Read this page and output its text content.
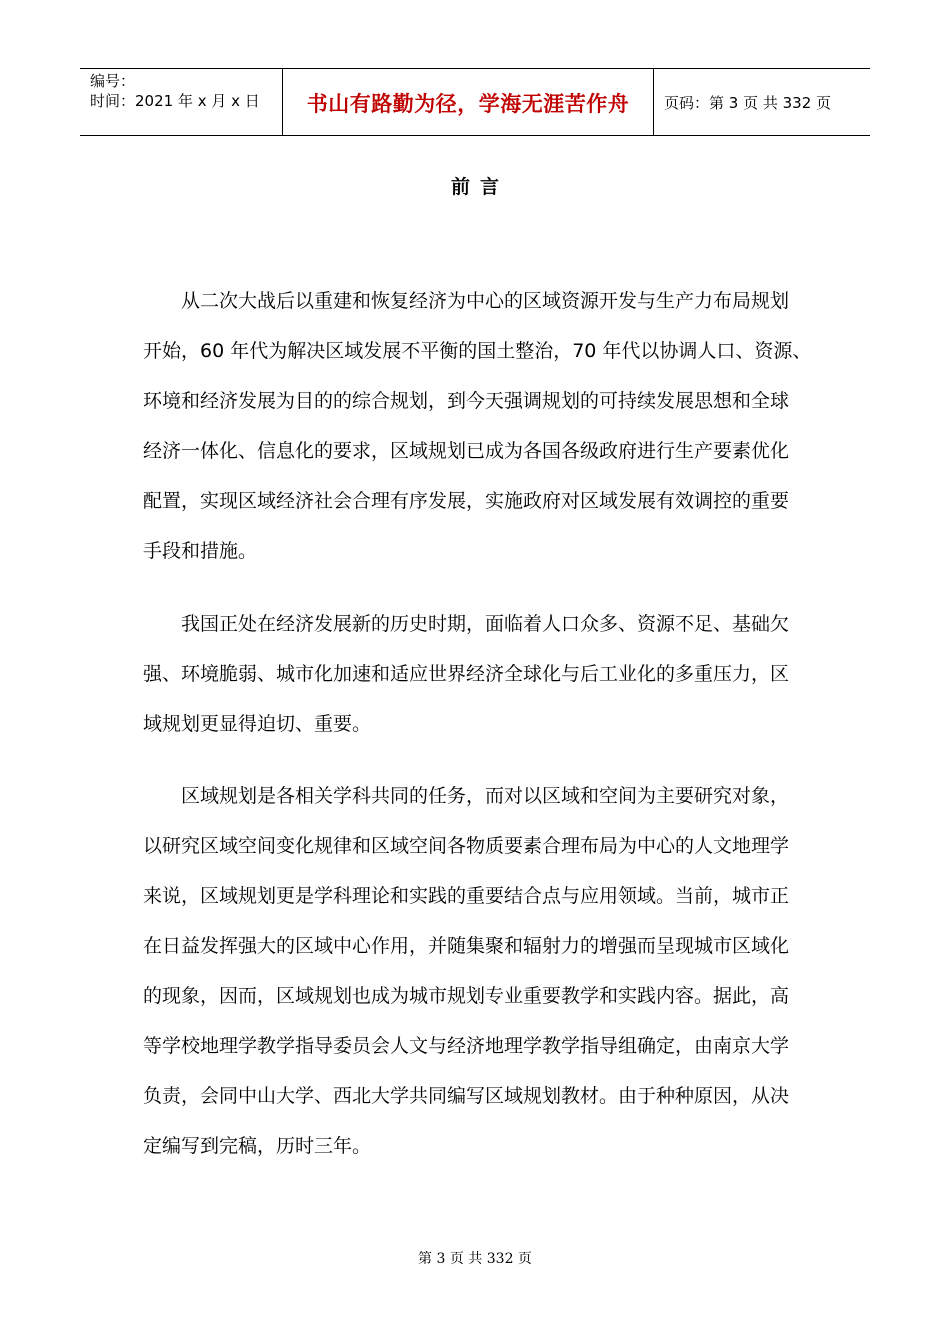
编号：
时间：2021 年 x 月 x 日	书山有路勤为径，学海无涯苦作舟	页码：第 3 页 共 332 页
前言
从二次大战后以重建和恢复经济为中心的区域资源开发与生产力布局规划
开始，60 年代为解决区域发展不平衡的国土整治，70 年代以协调人口、资源、
环境和经济发展为目的的综合规划，到今天强调规划的可持续发展思想和全球
经济一体化、信息化的要求，区域规划已成为各国各级政府进行生产要素优化
配置，实现区域经济社会合理有序发展，实施政府对区域发展有效调控的重要
手段和措施。
我国正处在经济发展新的历史时期，面临着人口众多、资源不足、基础欠
强、环境脆弱、城市化加速和适应世界经济全球化与后工业化的多重压力，区
域规划更显得迫切、重要。
区域规划是各相关学科共同的任务，而对以区域和空间为主要研究对象，
以研究区域空间变化规律和区域空间各物质要素合理布局为中心的人文地理学
来说，区域规划更是学科理论和实践的重要结合点与应用领域。当前，城市正
在日益发挥强大的区域中心作用，并随集聚和辐射力的增强而呈现城市区域化
的现象，因而，区域规划也成为城市规划专业重要教学和实践内容。据此，高
等学校地理学教学指导委员会人文与经济地理学教学指导组确定，由南京大学
负责，会同中山大学、西北大学共同编写区域规划教材。由于种种原因，从决
定编写到完稿，历时三年。
第 3 页 共 332 页
